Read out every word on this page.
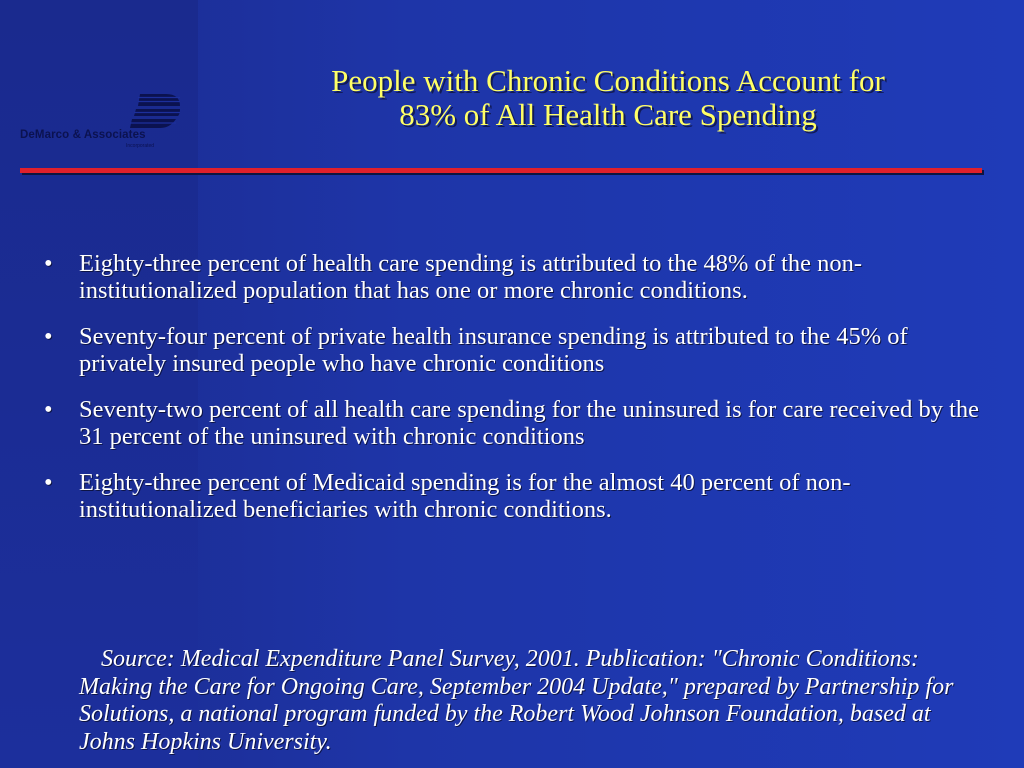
DeMarco & Associates
Incorporated
People with Chronic Conditions Account for
83% of All Health Care Spending
•	Eighty-three percent of health care spending is attributed to the 48% of the non-institutionalized population that has one or more chronic conditions.
•	Seventy-four percent of private health insurance spending is attributed to the 45% of privately insured people who have chronic conditions
•	Seventy-two percent of all health care spending for the uninsured is for care received by the 31 percent of the uninsured with chronic conditions
•	Eighty-three percent of Medicaid spending is for the almost 40 percent of non-institutionalized beneficiaries with chronic conditions.
Source: Medical Expenditure Panel Survey, 2001. Publication: "Chronic Conditions: Making the Care for Ongoing Care, September 2004 Update," prepared by Partnership for Solutions, a national program funded by the Robert Wood Johnson Foundation, based at Johns Hopkins University.
